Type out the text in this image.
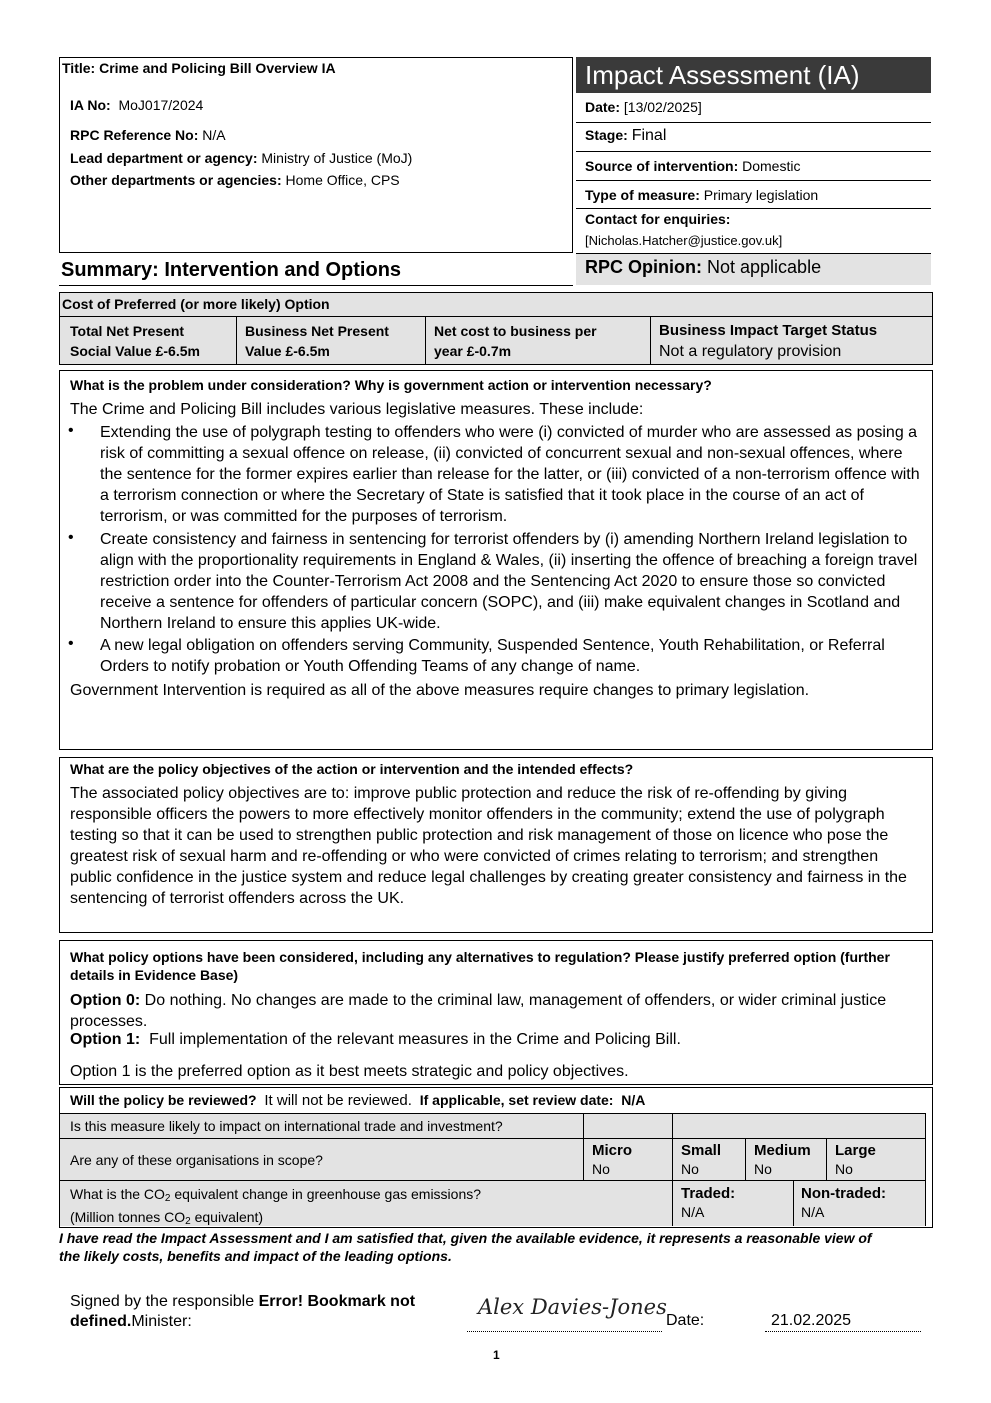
Title: Crime and Policing Bill Overview IA
IA No: MoJ017/2024
RPC Reference No: N/A
Lead department or agency: Ministry of Justice (MoJ)
Other departments or agencies: Home Office, CPS
Impact Assessment (IA)
Date: [13/02/2025]
Stage: Final
Source of intervention: Domestic
Type of measure: Primary legislation
Contact for enquiries:
[Nicholas.Hatcher@justice.gov.uk]
Summary: Intervention and Options	RPC Opinion: Not applicable
Cost of Preferred (or more likely) Option
Total Net Present
Social Value £-6.5m
Business Net Present
Value £-6.5m
Net cost to business per
year £-0.7m
Business Impact Target Status
Not a regulatory provision
What is the problem under consideration? Why is government action or intervention necessary?
The Crime and Policing Bill includes various legislative measures. These include:
• Extending the use of polygraph testing to offenders who were (i) convicted of murder who are assessed as posing a risk of committing a sexual offence on release, (ii) convicted of concurrent sexual and non-sexual offences, where the sentence for the former expires earlier than release for the latter, or (iii) convicted of a non-terrorism offence with a terrorism connection or where the Secretary of State is satisfied that it took place in the course of an act of terrorism, or was committed for the purposes of terrorism.
• Create consistency and fairness in sentencing for terrorist offenders by (i) amending Northern Ireland legislation to align with the proportionality requirements in England & Wales, (ii) inserting the offence of breaching a foreign travel restriction order into the Counter-Terrorism Act 2008 and the Sentencing Act 2020 to ensure those so convicted receive a sentence for offenders of particular concern (SOPC), and (iii) make equivalent changes in Scotland and Northern Ireland to ensure this applies UK-wide.
• A new legal obligation on offenders serving Community, Suspended Sentence, Youth Rehabilitation, or Referral Orders to notify probation or Youth Offending Teams of any change of name.
Government Intervention is required as all of the above measures require changes to primary legislation.
What are the policy objectives of the action or intervention and the intended effects?
The associated policy objectives are to: improve public protection and reduce the risk of re-offending by giving responsible officers the powers to more effectively monitor offenders in the community; extend the use of polygraph testing so that it can be used to strengthen public protection and risk management of those on licence who pose the greatest risk of sexual harm and re-offending or who were convicted of crimes relating to terrorism; and strengthen public confidence in the justice system and reduce legal challenges by creating greater consistency and fairness in the sentencing of terrorist offenders across the UK.
What policy options have been considered, including any alternatives to regulation? Please justify preferred option (further details in Evidence Base)
Option 0: Do nothing. No changes are made to the criminal law, management of offenders, or wider criminal justice processes.
Option 1: Full implementation of the relevant measures in the Crime and Policing Bill.
Option 1 is the preferred option as it best meets strategic and policy objectives.
Will the policy be reviewed? It will not be reviewed. If applicable, set review date: N/A
Is this measure likely to impact on international trade and investment?
Are any of these organisations in scope?
Micro
No
Small
No
Medium
No
Large
No
What is the $CO_2$ equivalent change in greenhouse gas emissions?
(Million tonnes $CO_2$ equivalent)
Traded:
N/A
Non-traded:
N/A
I have read the Impact Assessment and I am satisfied that, given the available evidence, it represents a reasonable view of the likely costs, benefits and impact of the leading options.
Signed by the responsible Error! Bookmark not
defined.Minister:
Alex Davies-Jones
Date:	21.02.2025
1
